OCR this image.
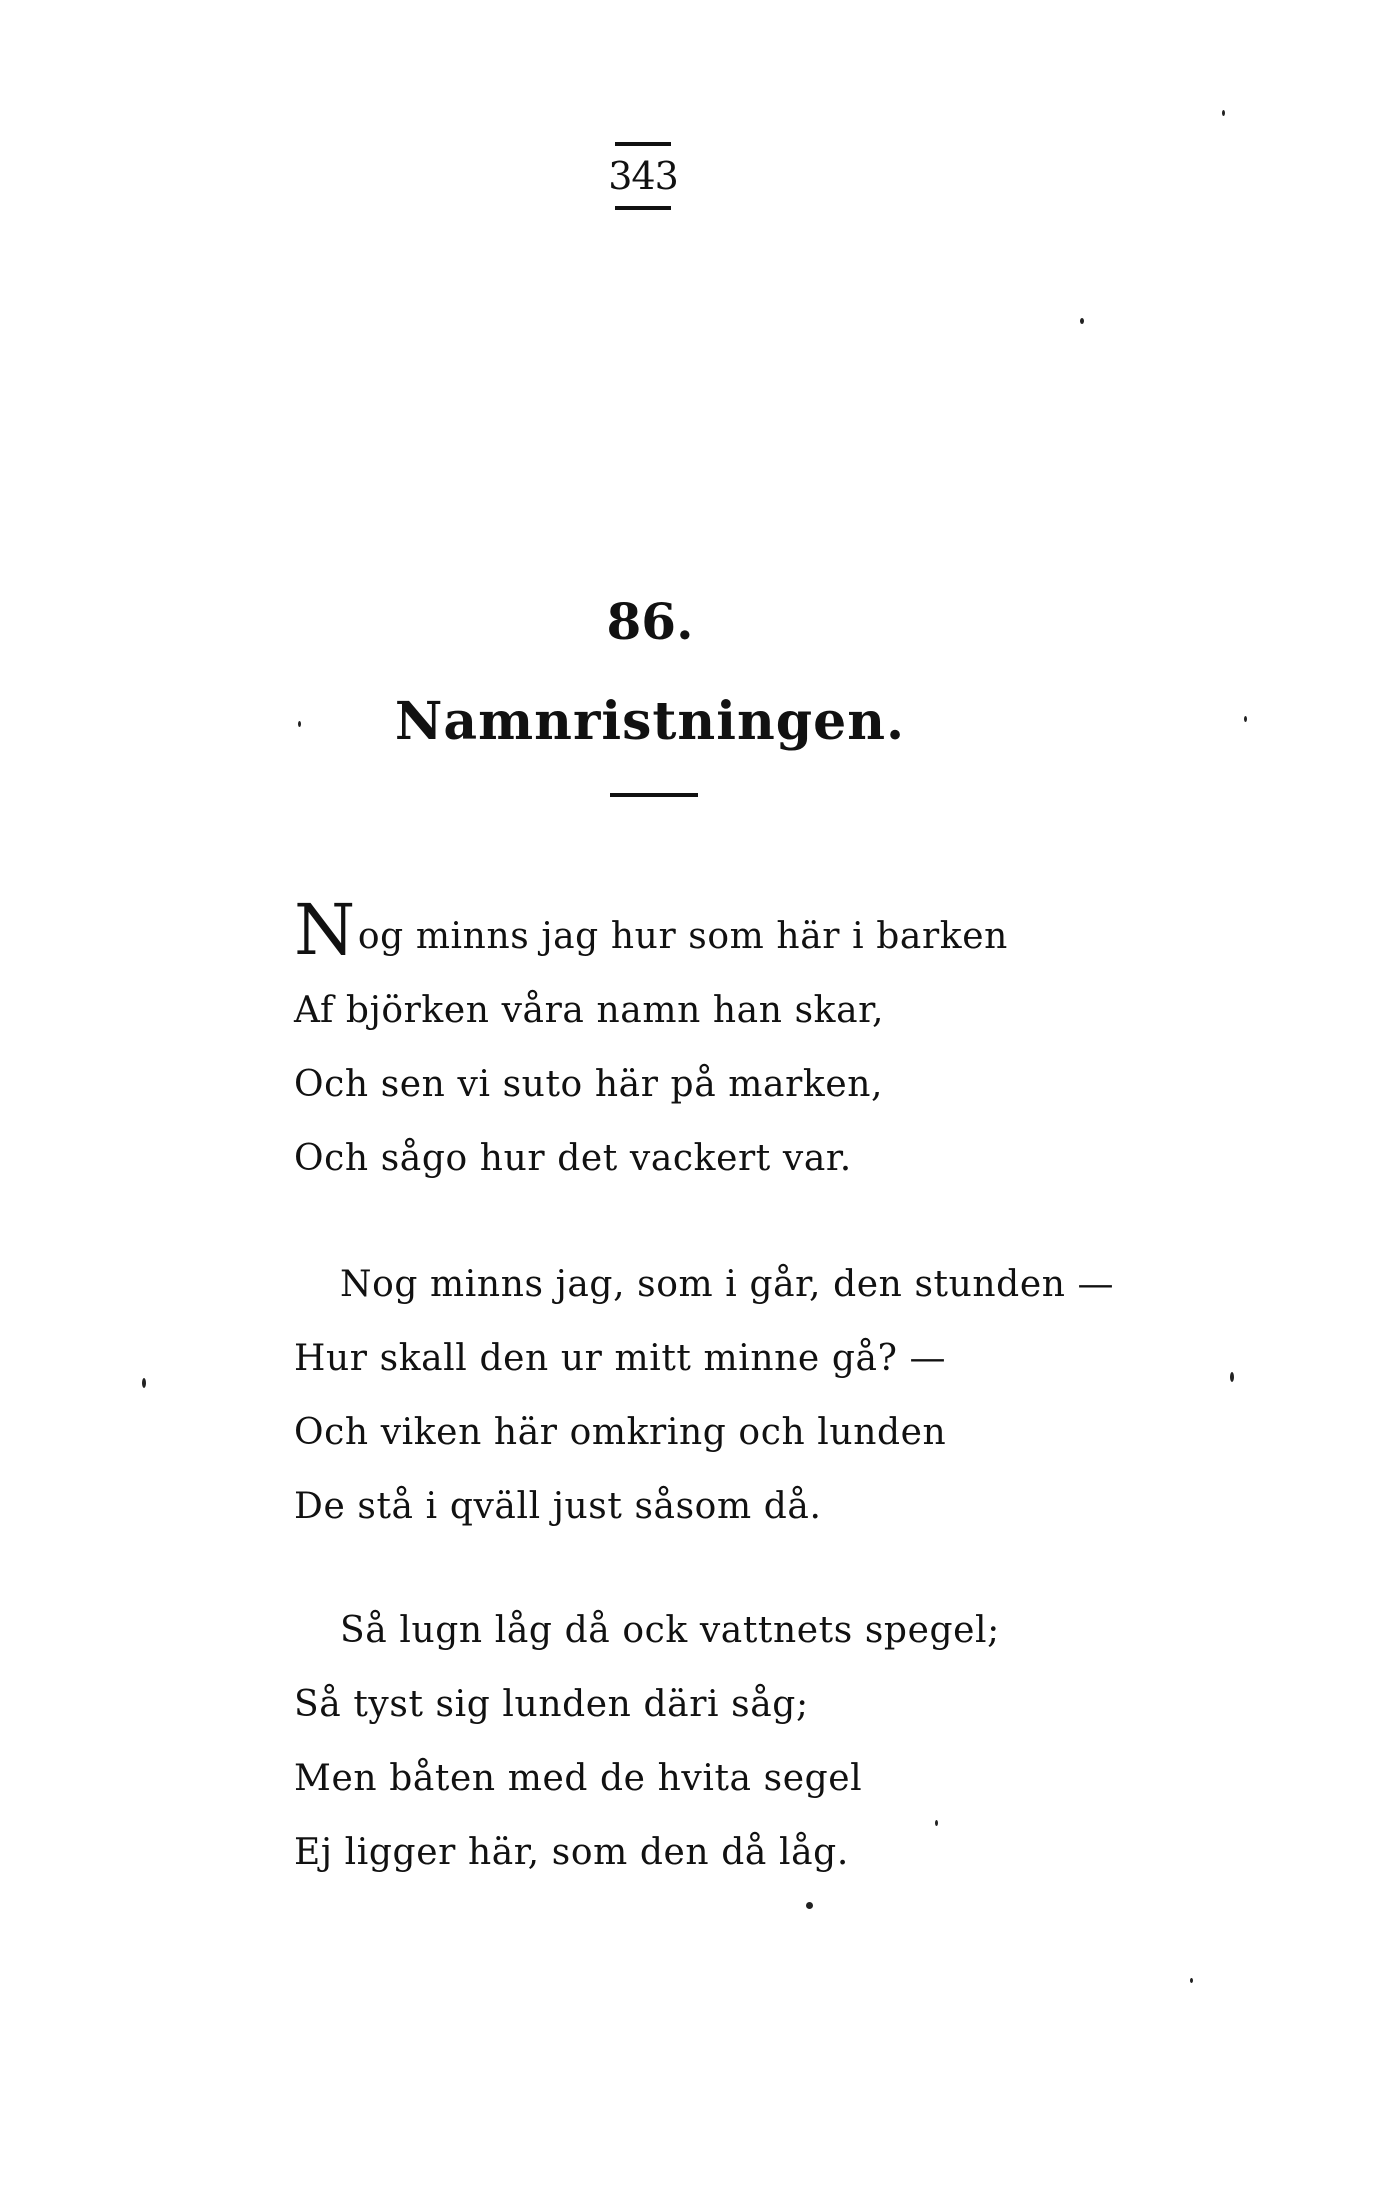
343
86.
Namnristningen.
Nog minns jag hur som här i barken
Af björken våra namn han skar,
Och sen vi suto här på marken,
Och sågo hur det vackert var.
Nog minns jag, som i går, den stunden —
Hur skall den ur mitt minne gå? —
Och viken här omkring och lunden
De stå i qväll just såsom då.
Så lugn låg då ock vattnets spegel;
Så tyst sig lunden däri såg;
Men båten med de hvita segel
Ej ligger här, som den då låg.
